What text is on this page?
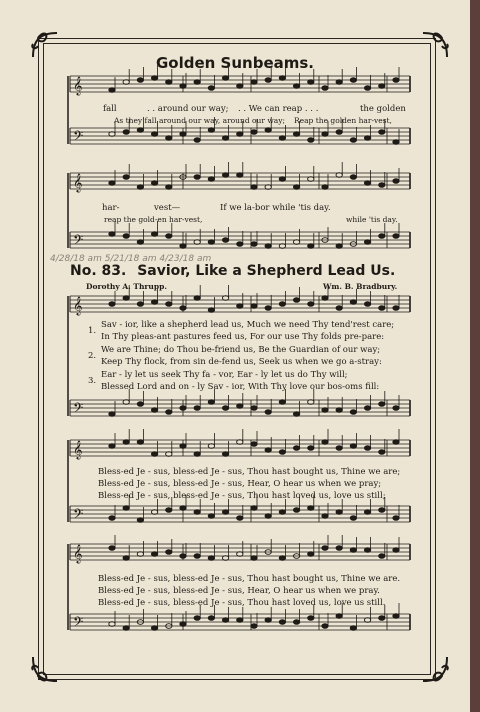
𝄞
𝄢
𝄞
𝄢
𝄞
𝄢
𝄞
𝄢
𝄞
𝄢
Golden Sunbeams.
fall	. . around our way; . . We can reap . . .	the golden
As they fall around our way, around our way; Reap the golden har-vest,
har-	vest—	If we la-bor while 'tis day.
reap the gold-en har-vest,	while 'tis day.
4/28/18 am 5/21/18 am 4/23/18 am
No. 83. Savior, Like a Shepherd Lead Us.
Dorothy A. Thrupp.	Wm. B. Bradbury.
1.
Sav - ior, like a shepherd lead us, Much we need Thy tend'rest care;
In Thy pleas-ant pastures feed us, For our use Thy folds pre-pare:
2.
We are Thine; do Thou be-friend us, Be the Guardian of our way;
Keep Thy flock, from sin de-fend us, Seek us when we go a-stray:
3.
Ear - ly let us seek Thy fa - vor, Ear - ly let us do Thy will;
Blessed Lord and on - ly Sav - ior, With Thy love our bos-oms fill:
Bless-ed Je - sus, bless-ed Je - sus, Thou hast bought us, Thine we are;
Bless-ed Je - sus, bless-ed Je - sus, Hear, O hear us when we pray;
Bless-ed Je - sus, bless-ed Je - sus, Thou hast loved us, love us still;
Bless-ed Je - sus, bless-ed Je - sus, Thou hast bought us, Thine we are.
Bless-ed Je - sus, bless-ed Je - sus, Hear, O hear us when we pray.
Bless-ed Je - sus, bless-ed Je - sus, Thou hast loved us, love us still.
